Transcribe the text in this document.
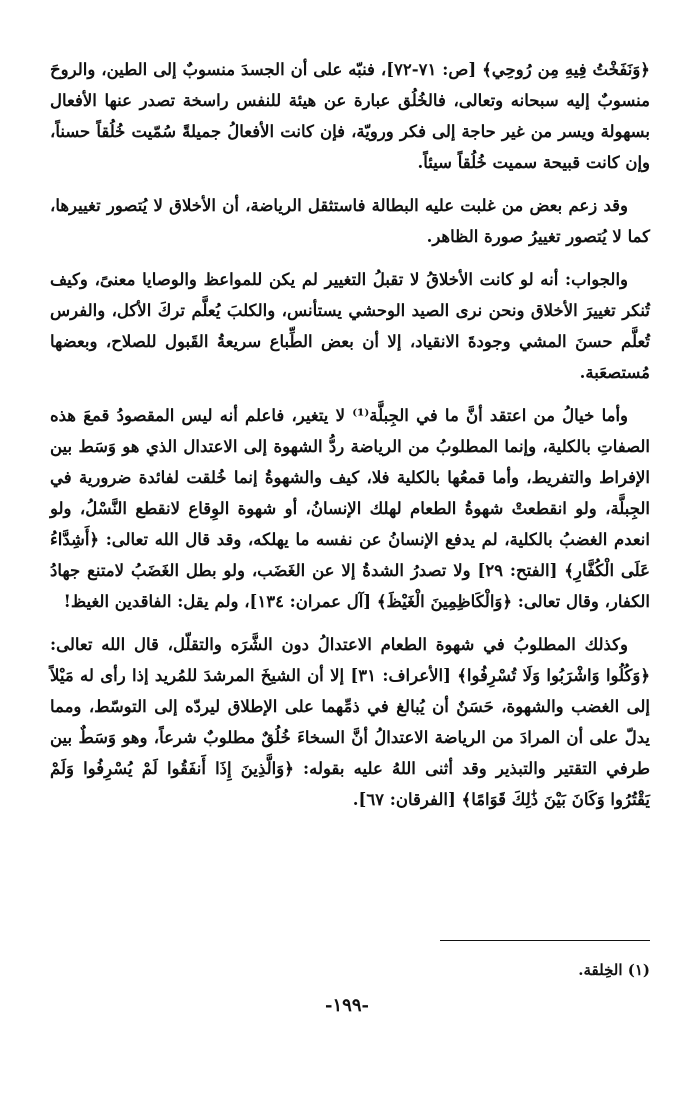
﴿وَنَفَخْتُ فِيهِ مِن رُوحِي﴾ [ص: ٧١-٧٢]، فنبّه على أن الجسدَ منسوبٌ إلى الطين، والروحَ منسوبٌ إليه سبحانه وتعالى، فالخُلُق عبارة عن هيئة للنفس راسخة تصدر عنها الأفعال بسهولة ويسر من غير حاجة إلى فكر ورويّة، فإن كانت الأفعالُ جميلةً سُمّيت خُلُقاً حسناً، وإن كانت قبيحة سميت خُلُقاً سيئاً.

وقد زعم بعض من غلبت عليه البطالة فاستثقل الرياضة، أن الأخلاق لا يُتصور تغييرها، كما لا يُتصور تغييرُ صورة الظاهر.

والجواب: أنه لو كانت الأخلاقُ لا تقبلُ التغيير لم يكن للمواعظ والوصايا معنىً، وكيف تُنكر تغييرَ الأخلاق ونحن نرى الصيد الوحشي يستأنس، والكلبَ يُعلَّم تركَ الأكل، والفرس تُعلَّم حسنَ المشي وجودةَ الانقياد، إلا أن بعض الطِّباع سريعةُ القَبول للصلاح، وبعضها مُستصعَبة.

وأما خيالُ من اعتقد أنَّ ما في الجِبلَّة⁽¹⁾ لا يتغير، فاعلم أنه ليس المقصودُ قمعَ هذه الصفاتِ بالكلية، وإنما المطلوبُ من الرياضة ردُّ الشهوة إلى الاعتدال الذي هو وَسَط بين الإفراط والتفريط، وأما قمعُها بالكلية فلا، كيف والشهوةُ إنما خُلقت لفائدة ضرورية في الجِبلَّة، ولو انقطعتْ شهوةُ الطعام لهلك الإنسانُ، أو شهوة الوِقاع لانقطع النَّسْلُ، ولو انعدم الغضبُ بالكلية، لم يدفع الإنسانُ عن نفسه ما يهلكه، وقد قال الله تعالى: ﴿أَشِدَّاءُ عَلَى الْكُفَّارِ﴾ [الفتح: ٢٩] ولا تصدرُ الشدةُ إلا عن الغَضَب، ولو بطل الغَضَبُ لامتنع جهادُ الكفار، وقال تعالى: ﴿وَالْكَاظِمِينَ الْغَيْظَ﴾ [آل عمران: ١٣٤]، ولم يقل: الفاقدين الغيظ!

وكذلك المطلوبُ في شهوة الطعام الاعتدالُ دون الشَّرَه والتقلّل، قال الله تعالى: ﴿وَكُلُوا وَاشْرَبُوا وَلَا تُسْرِفُوا﴾ [الأعراف: ٣١] إلا أن الشيخَ المرشدَ للمُريد إذا رأى له مَيْلاً إلى الغضب والشهوة، حَسَنٌ أن يُبالغ في ذمِّهما على الإطلاق ليردّه إلى التوسّط، ومما يدلّ على أن المرادَ من الرياضة الاعتدالُ أنَّ السخاءَ خُلُقٌ مطلوبٌ شرعاً، وهو وَسَطٌ بين طرفي التقتير والتبذير وقد أثنى اللهُ عليه بقوله: ﴿وَالَّذِينَ إِذَا أَنفَقُوا لَمْ يُسْرِفُوا وَلَمْ يَقْتُرُوا وَكَانَ بَيْنَ ذَٰلِكَ قَوَامًا﴾ [الفرقان: ٦٧].

(١) الخِلقة.
-١٩٩-
